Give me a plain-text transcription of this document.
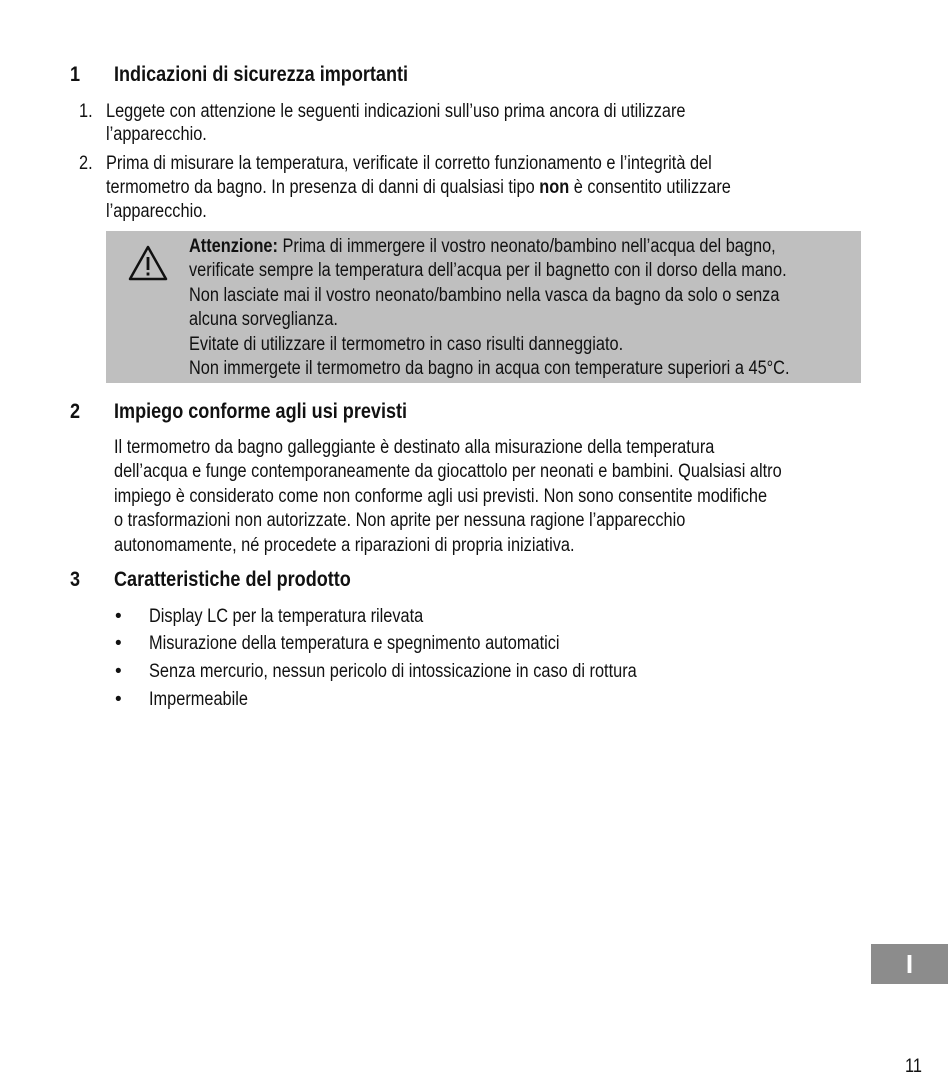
1 Indicazioni di sicurezza importanti
1. Leggete con attenzione le seguenti indicazioni sull’uso prima ancora di utilizzare
l’apparecchio.
2. Prima di misurare la temperatura, verificate il corretto funzionamento e l’integrità del
termometro da bagno. In presenza di danni di qualsiasi tipo non è consentito utilizzare
l’apparecchio.
Attenzione: Prima di immergere il vostro neonato/bambino nell’acqua del bagno,
verificate sempre la temperatura dell’acqua per il bagnetto con il dorso della mano.
Non lasciate mai il vostro neonato/bambino nella vasca da bagno da solo o senza
alcuna sorveglianza.
Evitate di utilizzare il termometro in caso risulti danneggiato.
Non immergete il termometro da bagno in acqua con temperature superiori a 45°C.
2 Impiego conforme agli usi previsti
Il termometro da bagno galleggiante è destinato alla misurazione della temperatura
dell’acqua e funge contemporaneamente da giocattolo per neonati e bambini. Qualsiasi altro
impiego è considerato come non conforme agli usi previsti. Non sono consentite modifiche
o trasformazioni non autorizzate. Non aprite per nessuna ragione l’apparecchio
autonomamente, né procedete a riparazioni di propria iniziativa.
3 Caratteristiche del prodotto
• Display LC per la temperatura rilevata
• Misurazione della temperatura e spegnimento automatici
• Senza mercurio, nessun pericolo di intossicazione in caso di rottura
• Impermeabile
I
11
